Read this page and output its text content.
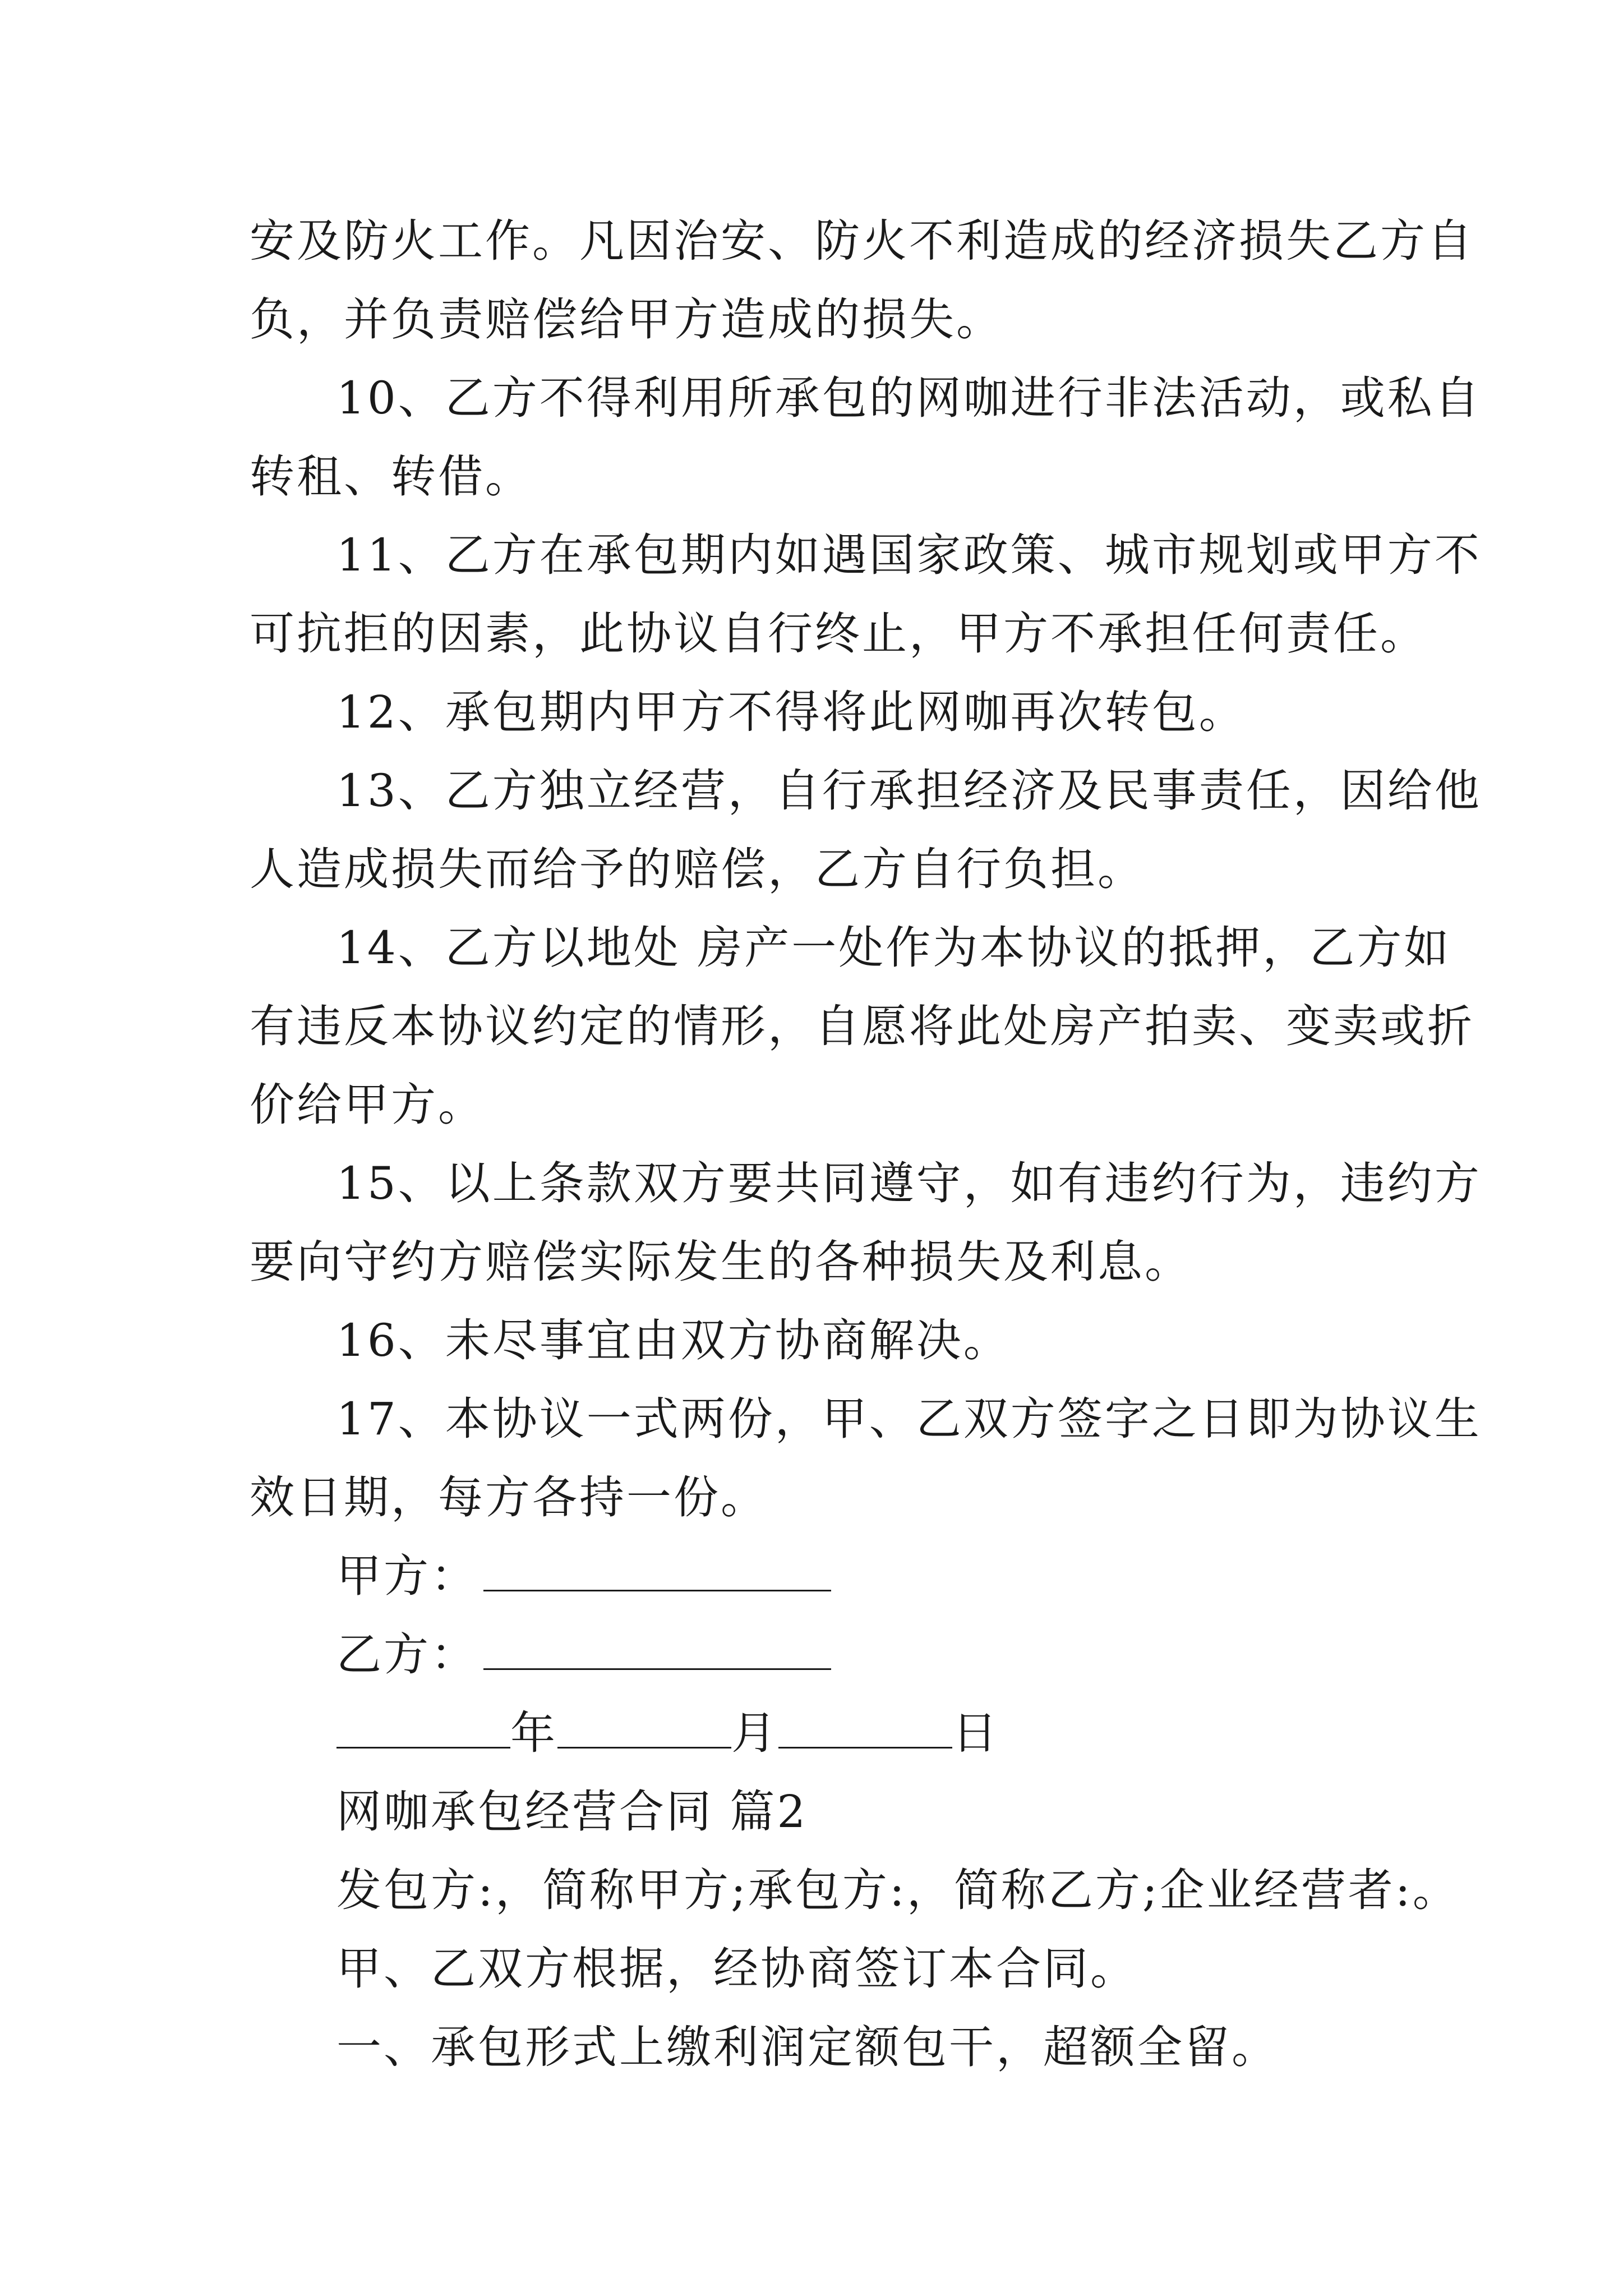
安及防火工作。凡因治安、防火不利造成的经济损失乙方自
负，并负责赔偿给甲方造成的损失。
10、乙方不得利用所承包的网咖进行非法活动，或私自
转租、转借。
11、乙方在承包期内如遇国家政策、城市规划或甲方不
可抗拒的因素，此协议自行终止，甲方不承担任何责任。
12、承包期内甲方不得将此网咖再次转包。
13、乙方独立经营，自行承担经济及民事责任，因给他
人造成损失而给予的赔偿，乙方自行负担。
14、乙方以地处 房产一处作为本协议的抵押，乙方如
有违反本协议约定的情形，自愿将此处房产拍卖、变卖或折
价给甲方。
15、以上条款双方要共同遵守，如有违约行为，违约方
要向守约方赔偿实际发生的各种损失及利息。
16、未尽事宜由双方协商解决。
17、本协议一式两份，甲、乙双方签字之日即为协议生
效日期，每方各持一份。
甲方：
乙方：
年	月	日
网咖承包经营合同 篇2
发包方:，简称甲方;承包方:，简称乙方;企业经营者:。
甲、乙双方根据，经协商签订本合同。
一、承包形式上缴利润定额包干，超额全留。
